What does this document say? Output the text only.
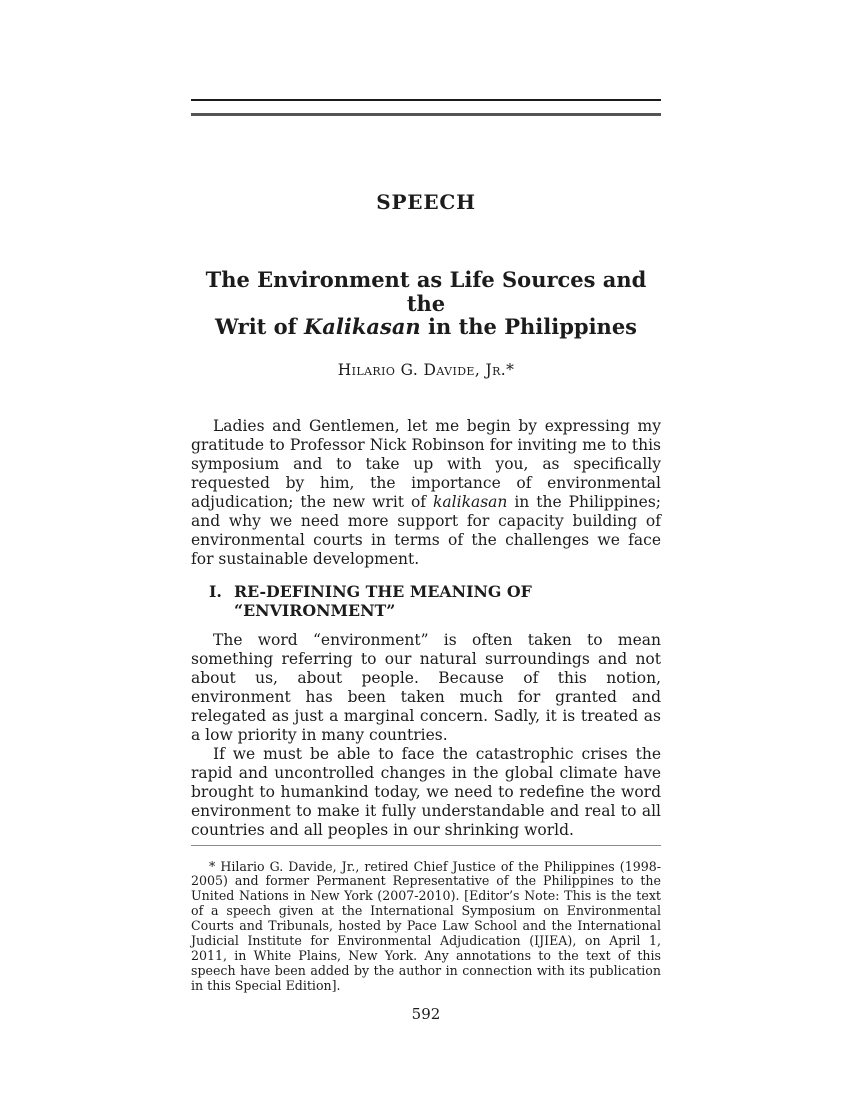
SPEECH
The Environment as Life Sources and the
Writ of Kalikasan in the Philippines
Hilario G. Davide, Jr.*

Ladies and Gentlemen, let me begin by expressing my gratitude to Professor Nick Robinson for inviting me to this symposium and to take up with you, as specifically requested by him, the importance of environmental adjudication; the new writ of kalikasan in the Philippines; and why we need more support for capacity building of environmental courts in terms of the challenges we face for sustainable development.

I. RE-DEFINING THE MEANING OF
“ENVIRONMENT”

The word “environment” is often taken to mean something referring to our natural surroundings and not about us, about people. Because of this notion, environment has been taken much for granted and relegated as just a marginal concern. Sadly, it is treated as a low priority in many countries.

If we must be able to face the catastrophic crises the rapid and uncontrolled changes in the global climate have brought to humankind today, we need to redefine the word environment to make it fully understandable and real to all countries and all peoples in our shrinking world.

* Hilario G. Davide, Jr., retired Chief Justice of the Philippines (1998-2005) and former Permanent Representative of the Philippines to the United Nations in New York (2007-2010). [Editor’s Note: This is the text of a speech given at the International Symposium on Environmental Courts and Tribunals, hosted by Pace Law School and the International Judicial Institute for Environmental Adjudication (IJIEA), on April 1, 2011, in White Plains, New York. Any annotations to the text of this speech have been added by the author in connection with its publication in this Special Edition].

592
